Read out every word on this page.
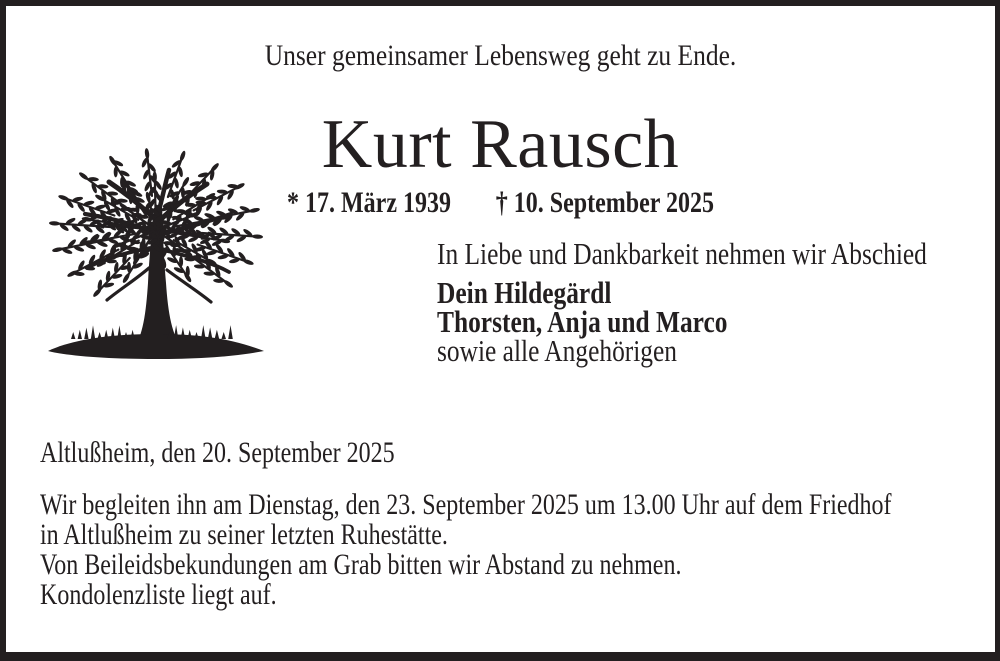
Unser gemeinsamer Lebensweg geht zu Ende.
Kurt Rausch
* 17. März 1939 † 10. September 2025
In Liebe und Dankbarkeit nehmen wir Abschied
Dein Hildegärdl
Thorsten, Anja und Marco
sowie alle Angehörigen
Altlußheim, den 20. September 2025
Wir begleiten ihn am Dienstag, den 23. September 2025 um 13.00 Uhr auf dem Friedhof
in Altlußheim zu seiner letzten Ruhestätte.
Von Beileidsbekundungen am Grab bitten wir Abstand zu nehmen.
Kondolenzliste liegt auf.
